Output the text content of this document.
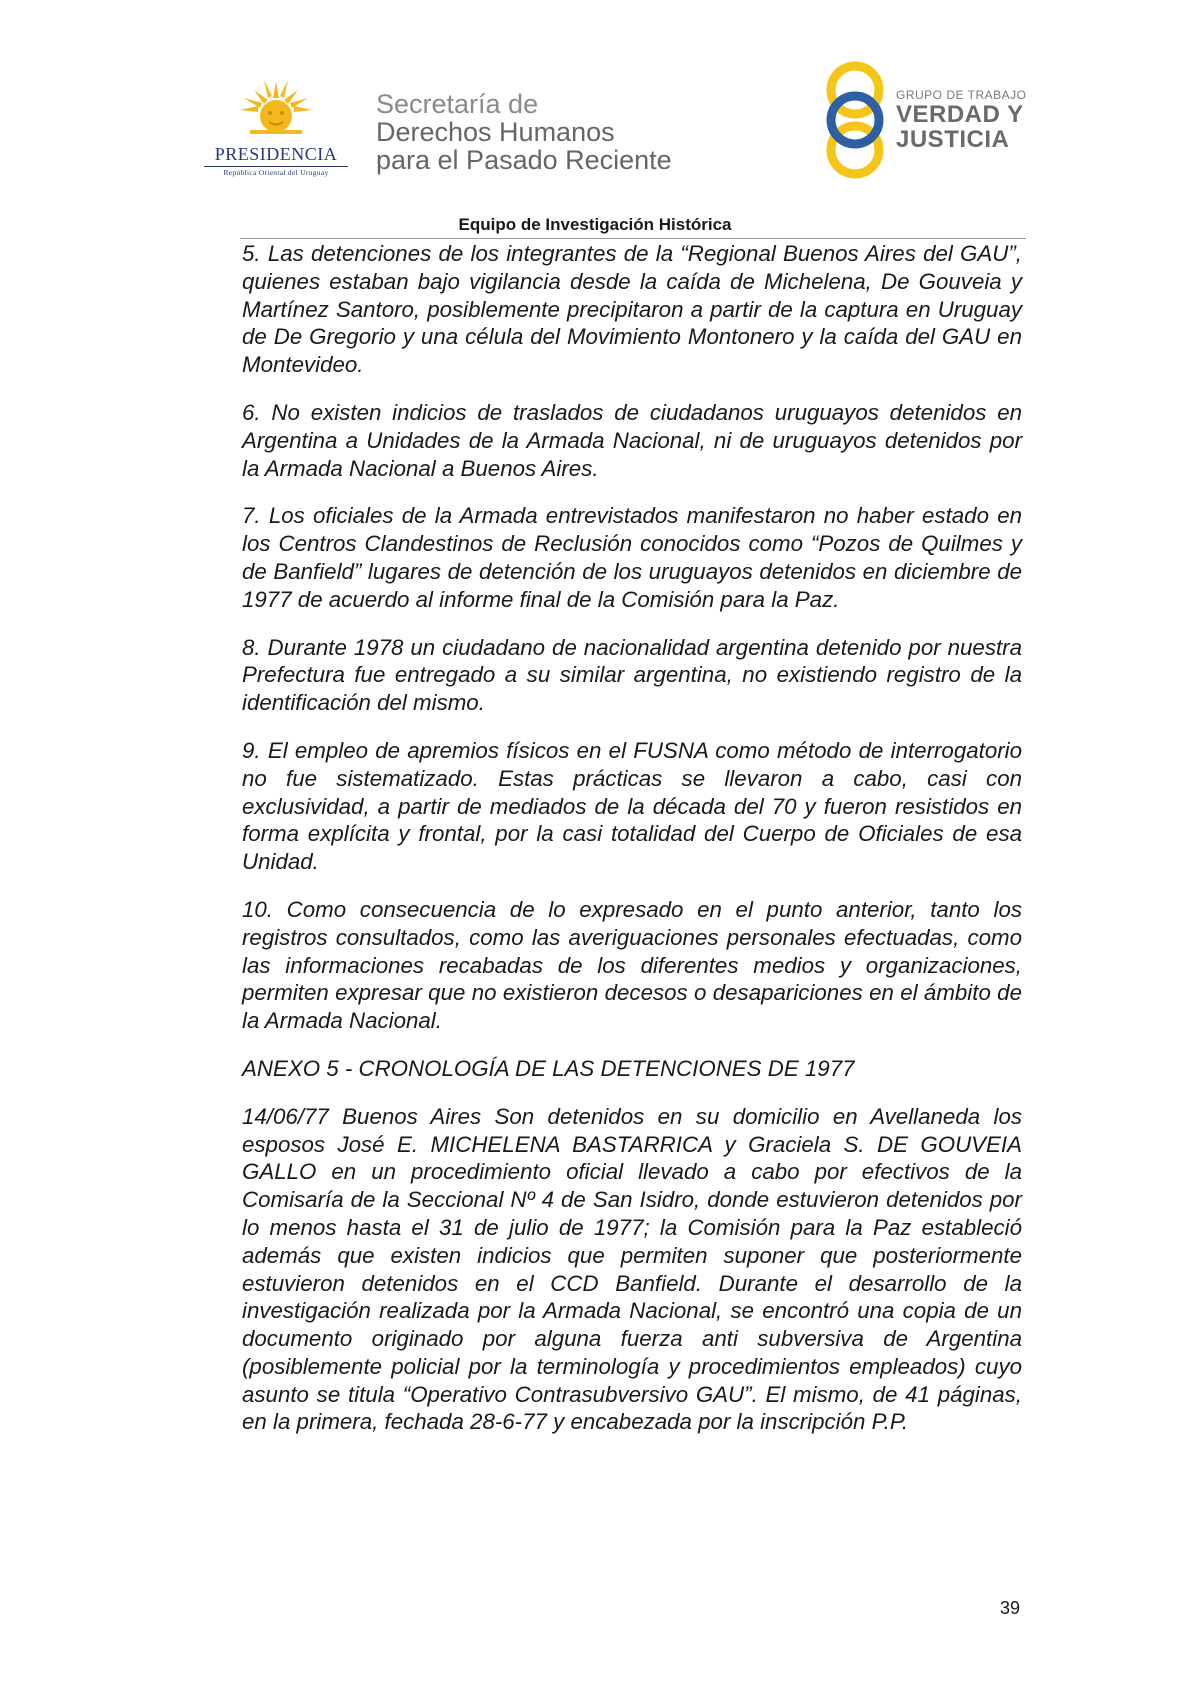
PRESIDENCIA
República Oriental del Uruguay
Secretaría de
Derechos Humanos
para el Pasado Reciente
GRUPO DE TRABAJO
VERDAD Y
JUSTICIA
Equipo de Investigación Histórica

5. Las detenciones de los integrantes de la “Regional Buenos Aires del GAU”, quienes estaban bajo vigilancia desde la caída de Michelena, De Gouveia y Martínez Santoro, posiblemente precipitaron a partir de la captura en Uruguay de De Gregorio y una célula del Movimiento Montonero y la caída del GAU en Montevideo.

6. No existen indicios de traslados de ciudadanos uruguayos detenidos en Argentina a Unidades de la Armada Nacional, ni de uruguayos detenidos por la Armada Nacional a Buenos Aires.

7. Los oficiales de la Armada entrevistados manifestaron no haber estado en los Centros Clandestinos de Reclusión conocidos como “Pozos de Quilmes y de Banfield” lugares de detención de los uruguayos detenidos en diciembre de 1977 de acuerdo al informe final de la Comisión para la Paz.

8. Durante 1978 un ciudadano de nacionalidad argentina detenido por nuestra Prefectura fue entregado a su similar argentina, no existiendo registro de la identificación del mismo.

9. El empleo de apremios físicos en el FUSNA como método de interrogatorio no fue sistematizado. Estas prácticas se llevaron a cabo, casi con exclusividad, a partir de mediados de la década del 70 y fueron resistidos en forma explícita y frontal, por la casi totalidad del Cuerpo de Oficiales de esa Unidad.

10. Como consecuencia de lo expresado en el punto anterior, tanto los registros consultados, como las averiguaciones personales efectuadas, como las informaciones recabadas de los diferentes medios y organizaciones, permiten expresar que no existieron decesos o desapariciones en el ámbito de la Armada Nacional.

ANEXO 5 - CRONOLOGÍA DE LAS DETENCIONES DE 1977

14/06/77 Buenos Aires Son detenidos en su domicilio en Avellaneda los esposos José E. MICHELENA BASTARRICA y Graciela S. DE GOUVEIA GALLO en un procedimiento oficial llevado a cabo por efectivos de la Comisaría de la Seccional Nº 4 de San Isidro, donde estuvieron detenidos por lo menos hasta el 31 de julio de 1977; la Comisión para la Paz estableció además que existen indicios que permiten suponer que posteriormente estuvieron detenidos en el CCD Banfield. Durante el desarrollo de la investigación realizada por la Armada Nacional, se encontró una copia de un documento originado por alguna fuerza anti subversiva de Argentina (posiblemente policial por la terminología y procedimientos empleados) cuyo asunto se titula “Operativo Contrasubversivo GAU”. El mismo, de 41 páginas, en la primera, fechada 28-6-77 y encabezada por la inscripción P.P.

39
